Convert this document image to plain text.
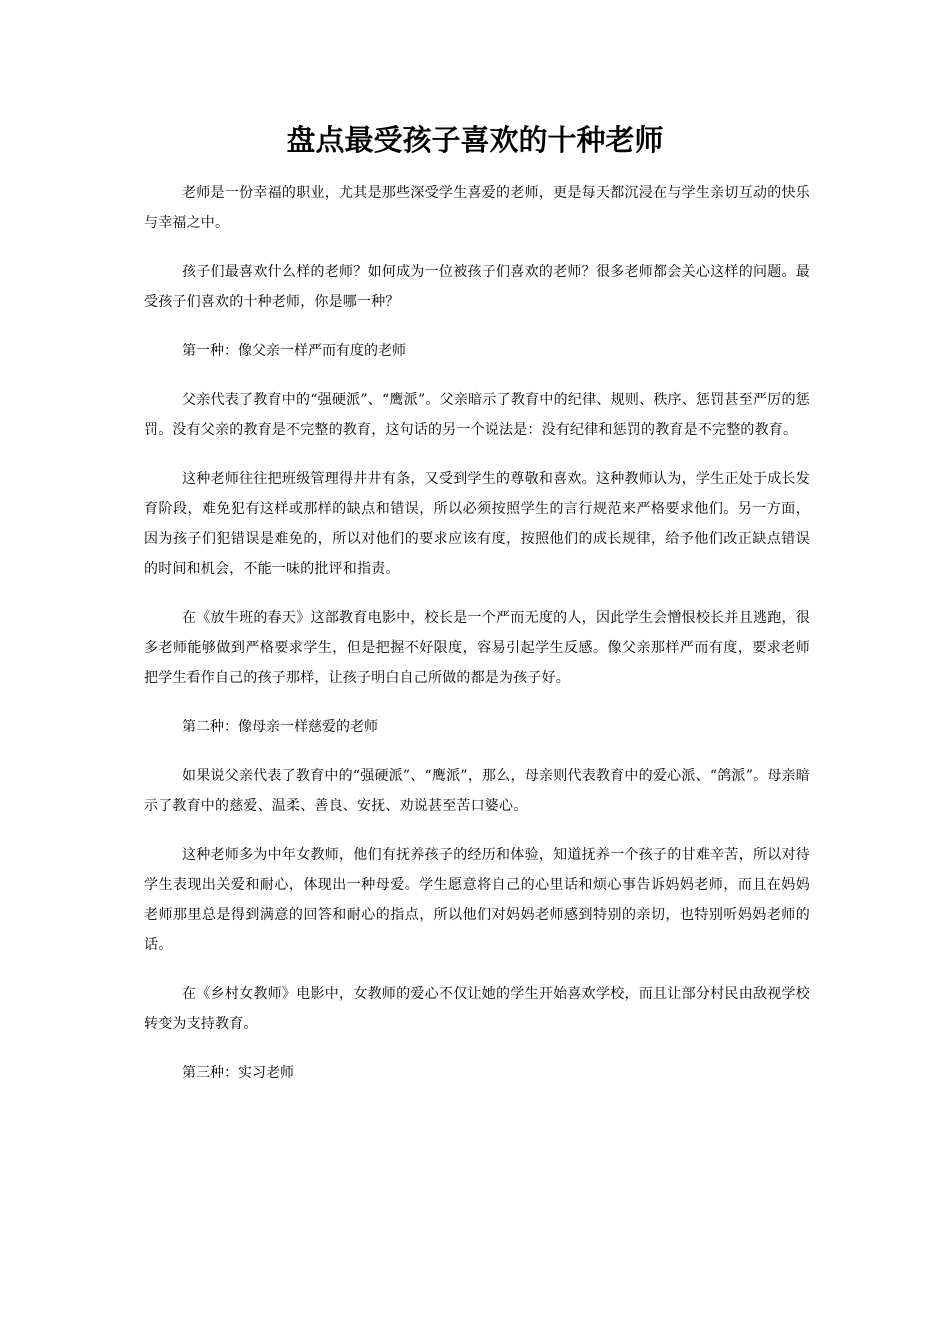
盘点最受孩子喜欢的十种老师

老师是一份幸福的职业，尤其是那些深受学生喜爱的老师，更是每天都沉浸在与学生亲切互动的快乐与幸福之中。

孩子们最喜欢什么样的老师？如何成为一位被孩子们喜欢的老师？很多老师都会关心这样的问题。最受孩子们喜欢的十种老师，你是哪一种？

第一种：像父亲一样严而有度的老师

父亲代表了教育中的“强硬派”、“鹰派”。父亲暗示了教育中的纪律、规则、秩序、惩罚甚至严厉的惩罚。没有父亲的教育是不完整的教育，这句话的另一个说法是：没有纪律和惩罚的教育是不完整的教育。

这种老师往往把班级管理得井井有条，又受到学生的尊敬和喜欢。这种教师认为，学生正处于成长发育阶段，难免犯有这样或那样的缺点和错误，所以必须按照学生的言行规范来严格要求他们。另一方面，因为孩子们犯错误是难免的，所以对他们的要求应该有度，按照他们的成长规律，给予他们改正缺点错误的时间和机会，不能一味的批评和指责。

在《放牛班的春天》这部教育电影中，校长是一个严而无度的人，因此学生会憎恨校长并且逃跑，很多老师能够做到严格要求学生，但是把握不好限度，容易引起学生反感。像父亲那样严而有度，要求老师把学生看作自己的孩子那样，让孩子明白自己所做的都是为孩子好。

第二种：像母亲一样慈爱的老师

如果说父亲代表了教育中的“强硬派”、“鹰派”，那么，母亲则代表教育中的爱心派、“鸽派”。母亲暗示了教育中的慈爱、温柔、善良、安抚、劝说甚至苦口婆心。

这种老师多为中年女教师，他们有抚养孩子的经历和体验，知道抚养一个孩子的甘难辛苦，所以对待学生表现出关爱和耐心，体现出一种母爱。学生愿意将自己的心里话和烦心事告诉妈妈老师，而且在妈妈老师那里总是得到满意的回答和耐心的指点，所以他们对妈妈老师感到特别的亲切，也特别听妈妈老师的话。

在《乡村女教师》电影中，女教师的爱心不仅让她的学生开始喜欢学校，而且让部分村民由敌视学校转变为支持教育。

第三种：实习老师
